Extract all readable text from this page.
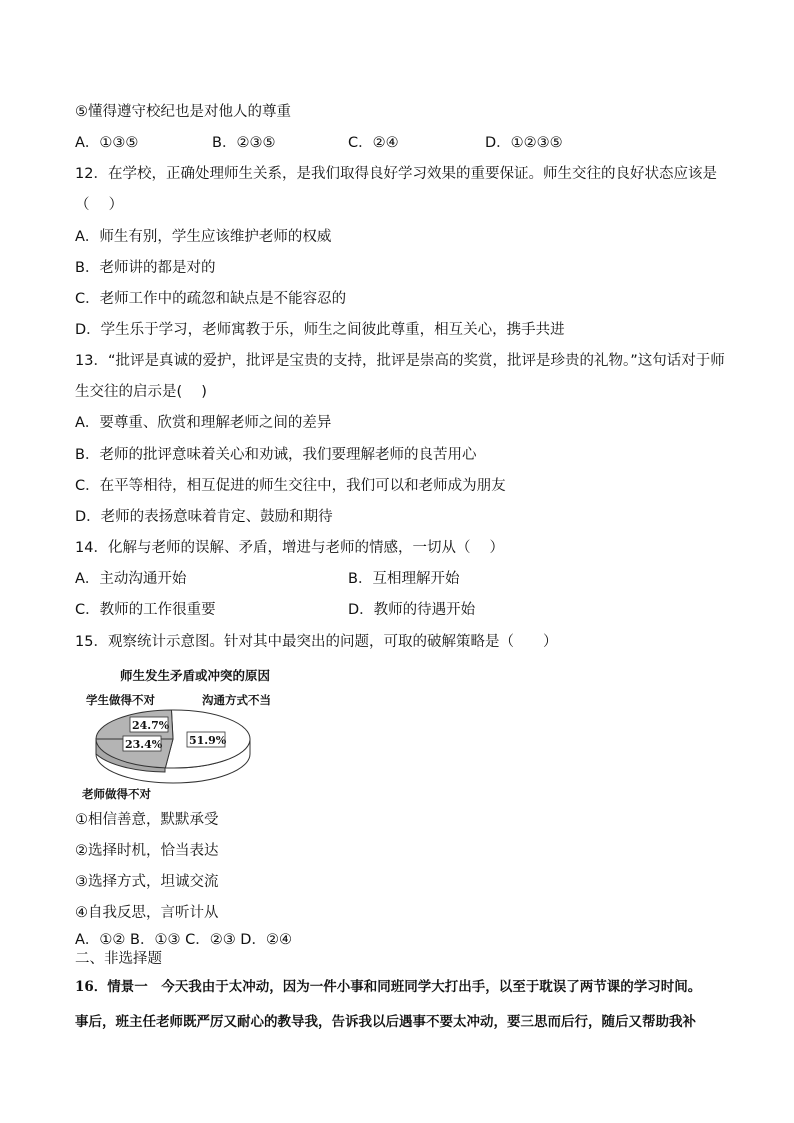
⑤懂得遵守校纪也是对他人的尊重
A．①③⑤	B．②③⑤	C．②④	D．①②③⑤
12．在学校，正确处理师生关系，是我们取得良好学习效果的重要保证。师生交往的良好状态应该是
（　 ）
A．师生有别，学生应该维护老师的权威
B．老师讲的都是对的
C．老师工作中的疏忽和缺点是不能容忍的
D．学生乐于学习，老师寓教于乐，师生之间彼此尊重，相互关心，携手共进
13．“批评是真诚的爱护，批评是宝贵的支持，批评是崇高的奖赏，批评是珍贵的礼物。”这句话对于师
生交往的启示是(　 )
A．要尊重、欣赏和理解老师之间的差异
B．老师的批评意味着关心和劝诫，我们要理解老师的良苦用心
C．在平等相待，相互促进的师生交往中，我们可以和老师成为朋友
D．老师的表扬意味着肯定、鼓励和期待
14．化解与老师的误解、矛盾，增进与老师的情感，一切从（　 ）
A．主动沟通开始	B．互相理解开始
C．教师的工作很重要	D．教师的待遇开始
15．观察统计示意图。针对其中最突出的问题，可取的破解策略是（　　）
师生发生矛盾或冲突的原因
51.9%
23.4%
24.7%
学生做得不对	沟通方式不当
老师做得不对
①相信善意，默默承受
②选择时机，恰当表达
③选择方式，坦诚交流
④自我反思，言听计从
A．①② B．①③ C．②③ D．②④
二、非选择题
16．情景一　今天我由于太冲动，因为一件小事和同班同学大打出手，以至于耽误了两节课的学习时间。
事后，班主任老师既严厉又耐心的教导我，告诉我以后遇事不要太冲动，要三思而后行，随后又帮助我补
